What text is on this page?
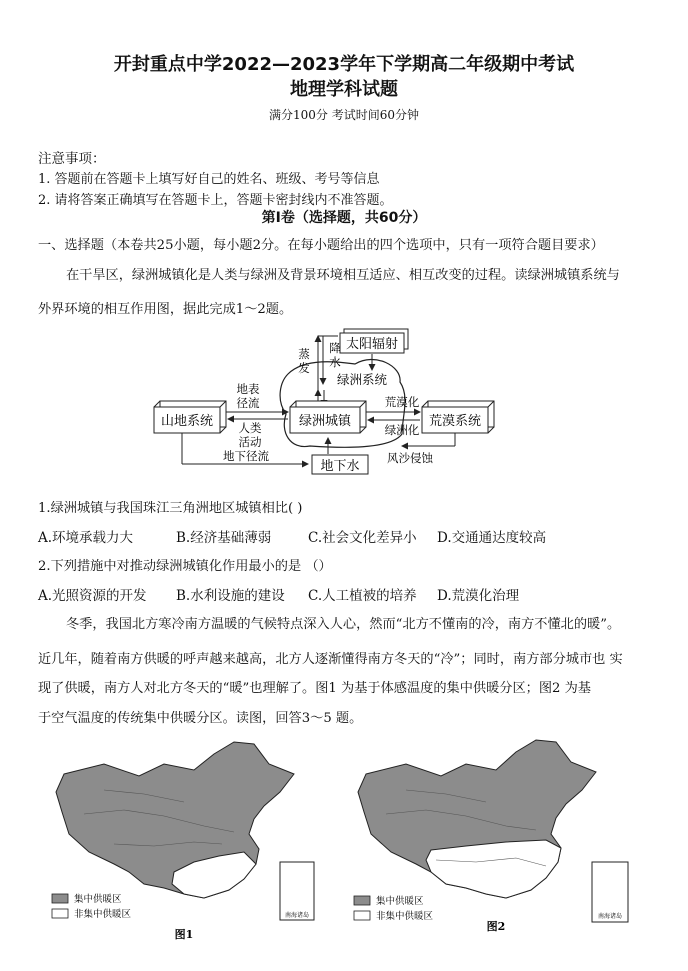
开封重点中学2022—2023学年下学期高二年级期中考试
地理学科试题
满分100分 考试时间60分钟
注意事项：
1. 答题前在答题卡上填写好自己的姓名、班级、考号等信息
2. 请将答案正确填写在答题卡上，答题卡密封线内不准答题。
第Ⅰ卷（选择题，共60分）
一、选择题（本卷共25小题，每小题2分。在每小题给出的四个选项中，只有一项符合题目要求）
在干旱区，绿洲城镇化是人类与绿洲及背景环境相互适应、相互改变的过程。读绿洲城镇系统与
外界环境的相互作用图，据此完成1～2题。
太阳辐射
蒸
发
降
水
绿洲系统
山地系统	绿洲城镇	荒漠系统
地表
径流
人类
活动
荒漠化
绿洲化
风沙侵蚀
地下径流
地下水
1.绿洲城镇与我国珠江三角洲地区城镇相比( )
A.环境承载力大	B.经济基础薄弱	C.社会文化差异小 D.交通通达度较高
2.下列措施中对推动绿洲城镇化作用最小的是 （）
A.光照资源的开发 B.水利设施的建设 C.人工植被的培养 D.荒漠化治理
冬季，我国北方寒冷南方温暖的气候特点深入人心，然而“北方不懂南的冷，南方不懂北的暖”。
近几年，随着南方供暖的呼声越来越高，北方人逐渐懂得南方冬天的“冷”；同时，南方部分城市也 实
现了供暖，南方人对北方冬天的“暖”也理解了。图1 为基于体感温度的集中供暖分区；图2 为基
于空气温度的传统集中供暖分区。读图，回答3～5 题。
南海诸岛
集中供暖区
非集中供暖区
图1
南海诸岛
集中供暖区
非集中供暖区
图2
